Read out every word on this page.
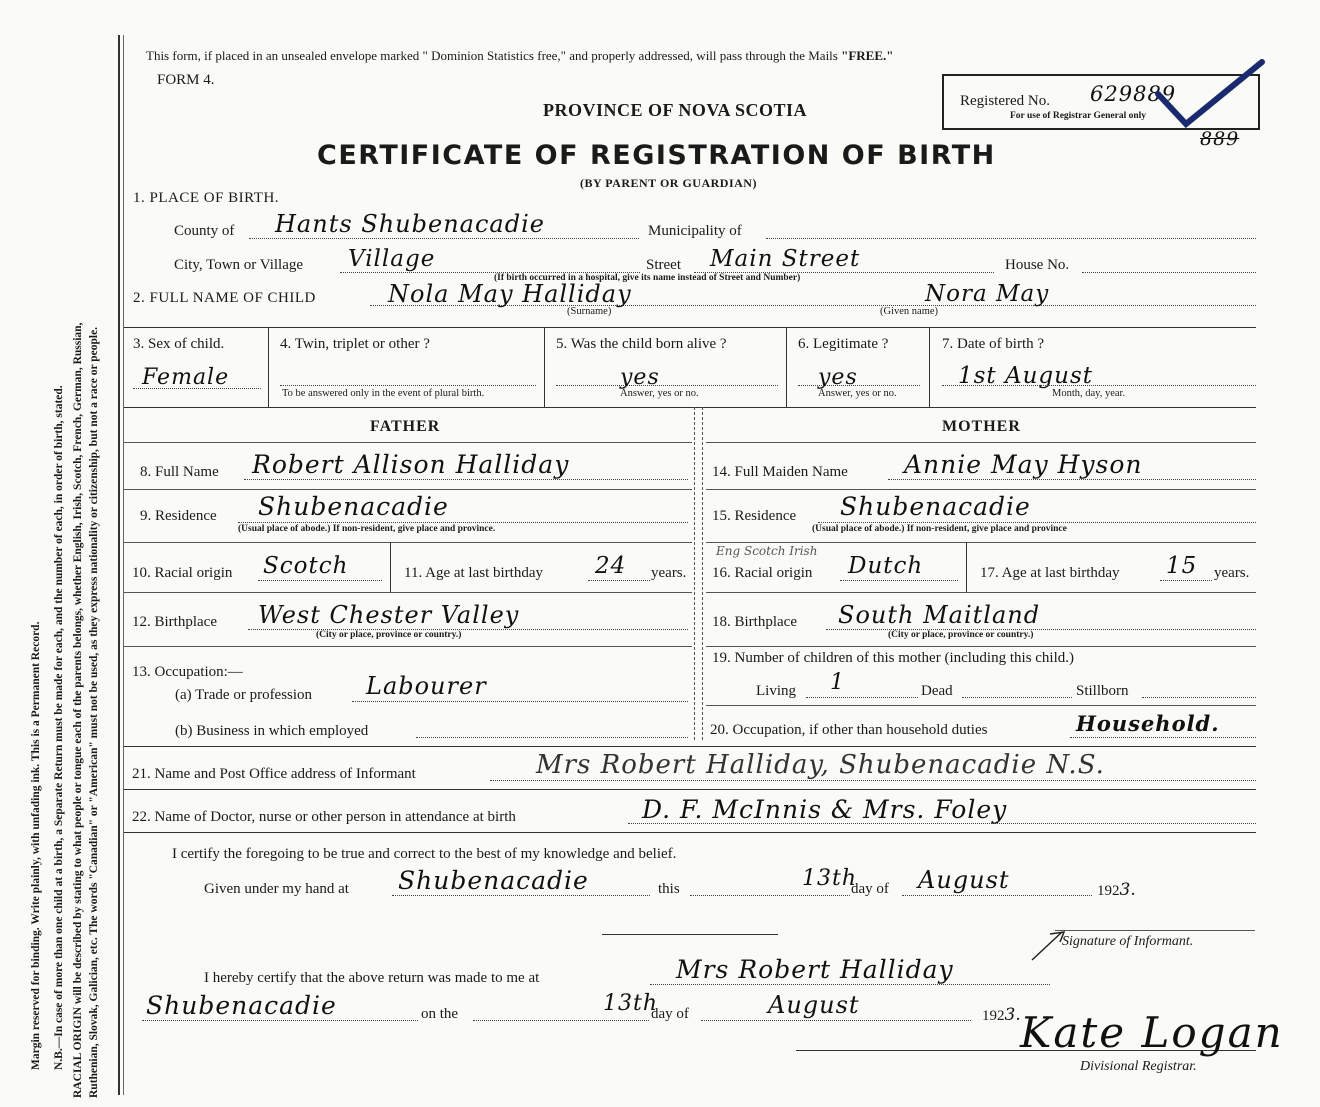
Margin reserved for binding. Write plainly, with unfading ink. This is a Permanent Record. N.B.—In case of more than one child at a birth, a Separate Return must be made for each, and the number of each, in order of birth, stated. RACIAL ORIGIN will be described by stating to what people or tongue each of the parents belongs, whether English, Irish, Scotch, French, German, Russian, Ruthenian, Slovak, Galician, etc. The words "Canadian" or "American" must not be used, as they express nationality or citizenship, but not a race or people.
This form, if placed in an unsealed envelope marked " Dominion Statistics free," and properly addressed, will pass through the Mails "FREE."
FORM 4.
PROVINCE OF NOVA SCOTIA
CERTIFICATE OF REGISTRATION OF BIRTH
(BY PARENT OR GUARDIAN)
Registered No. 629889
For use of Registrar General only
889
1. PLACE OF BIRTH.
County of Hants Shubenacadie	Municipality of
City, Town or Village Village
(If birth occurred in a hospital, give its name instead of Street and Number)
Street Main Street	House No.
2. FULL NAME OF CHILD	Nola May Halliday
(Surname)
Nora May
(Given name)
3. Sex of child.
Female
4. Twin, triplet or other ?
To be answered only in the event of plural birth.
5. Was the child born alive ?
yes
Answer, yes or no.
6. Legitimate ?
yes
Answer, yes or no.
7. Date of birth ?
1st August
Month, day, year.
FATHER	MOTHER
8. Full Name Robert Allison Halliday
9. Residence Shubenacadie
(Usual place of abode.) If non-resident, give place and province.
10. Racial origin Scotch	11. Age at last birthday 24 years.
12. Birthplace West Chester Valley
(City or place, province or country.)
13. Occupation:—
(a) Trade or profession Labourer
(b) Business in which employed
14. Full Maiden Name Annie May Hyson
15. Residence Shubenacadie
(Usual place of abode.) If non-resident, give place and province
Eng Scotch Irish
16. Racial origin Dutch	17. Age at last birthday 15 years.
18. Birthplace South Maitland
(City or place, province or country.)
19. Number of children of this mother (including this child.)
Living 1	Dead	Stillborn
20. Occupation, if other than household duties	Household.
21. Name and Post Office address of Informant	Mrs Robert Halliday, Shubenacadie N.S.
22. Name of Doctor, nurse or other person in attendance at birth	D. F. McInnis & Mrs. Foley
I certify the foregoing to be true and correct to the best of my knowledge and belief.
Given under my hand at Shubenacadie	this	13th
day of August	1923.
Signature of Informant.
I hereby certify that the above return was made to me at	Mrs Robert Halliday
Shubenacadie	on the	13th
day of	August	1923. Kate Logan
Divisional Registrar.
